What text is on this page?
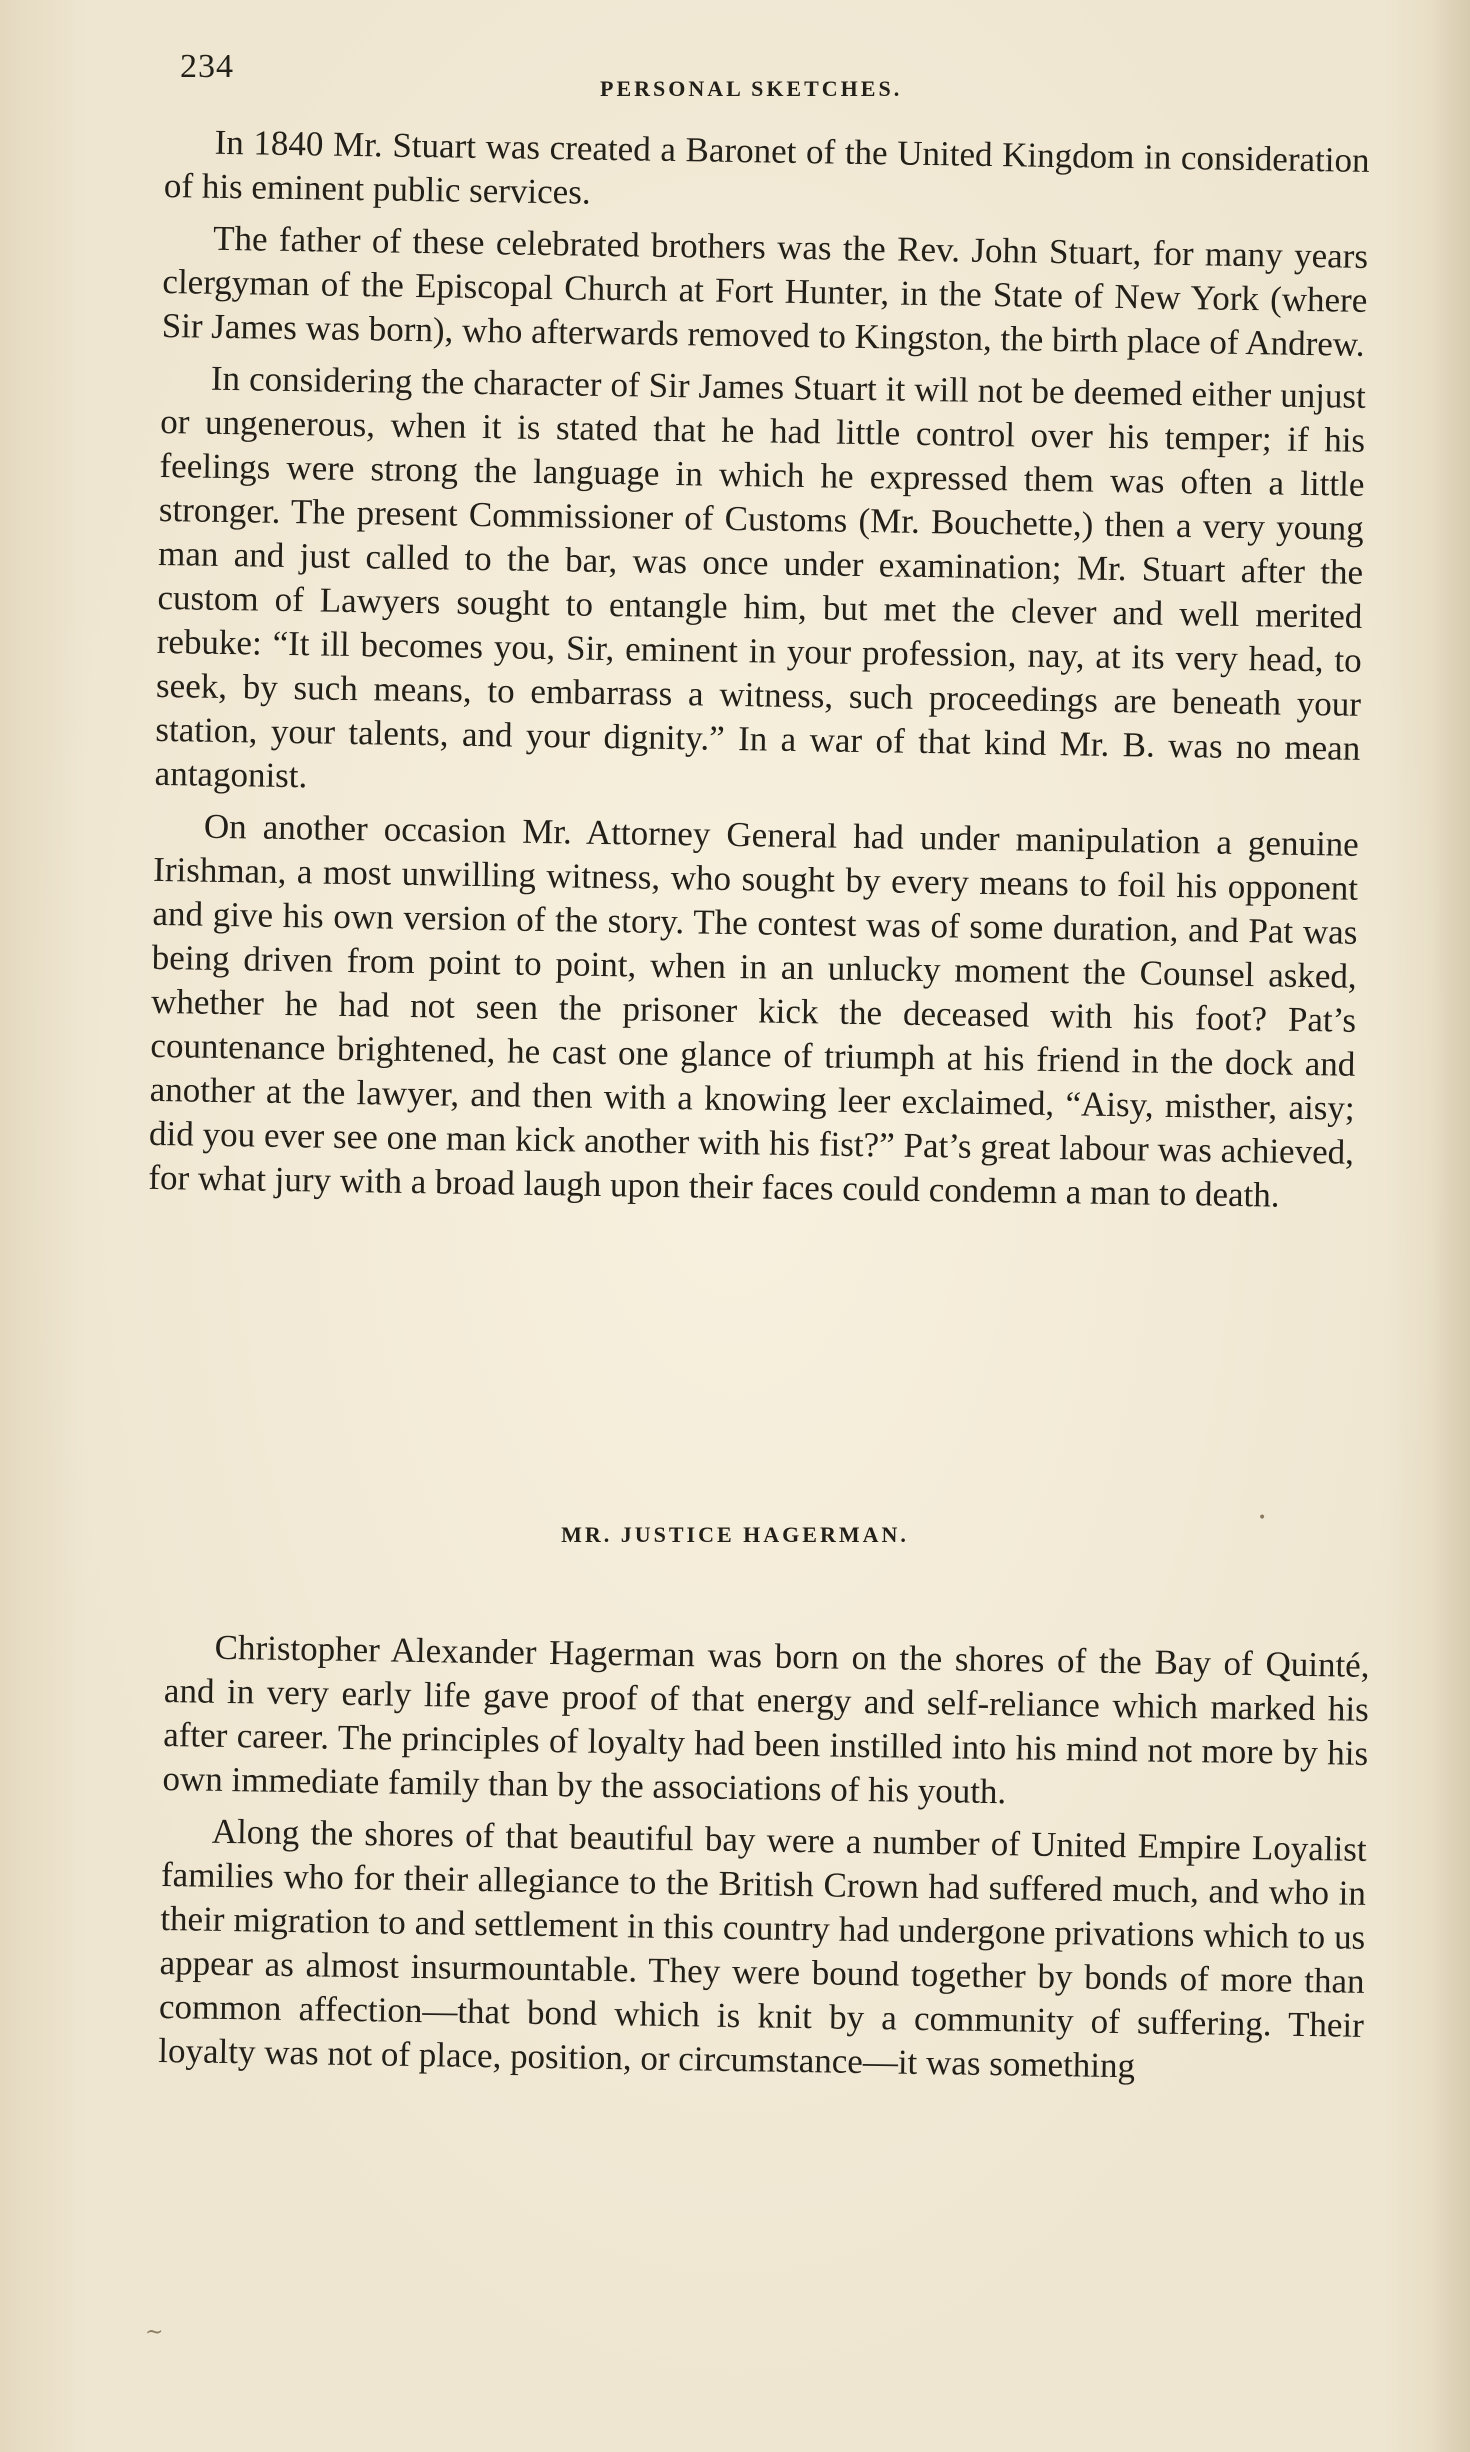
234
PERSONAL SKETCHES.

In 1840 Mr. Stuart was created a Baronet of the United Kingdom in consideration of his eminent public services.

The father of these celebrated brothers was the Rev. John Stuart, for many years clergyman of the Episcopal Church at Fort Hunter, in the State of New York (where Sir James was born), who afterwards removed to Kingston, the birth place of Andrew.

In considering the character of Sir James Stuart it will not be deemed either unjust or ungenerous, when it is stated that he had little control over his temper; if his feelings were strong the language in which he expressed them was often a little stronger. The present Commissioner of Customs (Mr. Bouchette,) then a very young man and just called to the bar, was once under examination; Mr. Stuart after the custom of Lawyers sought to entangle him, but met the clever and well merited rebuke: “It ill becomes you, Sir, eminent in your profession, nay, at its very head, to seek, by such means, to embarrass a witness, such proceedings are beneath your station, your talents, and your dignity.” In a war of that kind Mr. B. was no mean antagonist.

On another occasion Mr. Attorney General had under manipulation a genuine Irishman, a most unwilling witness, who sought by every means to foil his opponent and give his own version of the story. The contest was of some duration, and Pat was being driven from point to point, when in an unlucky moment the Counsel asked, whether he had not seen the prisoner kick the deceased with his foot? Pat’s countenance brightened, he cast one glance of triumph at his friend in the dock and another at the lawyer, and then with a knowing leer exclaimed, “Aisy, misther, aisy; did you ever see one man kick another with his fist?” Pat’s great labour was achieved, for what jury with a broad laugh upon their faces could condemn a man to death.

MR. JUSTICE HAGERMAN.

Christopher Alexander Hagerman was born on the shores of the Bay of Quinté, and in very early life gave proof of that energy and self-reliance which marked his after career. The principles of loyalty had been instilled into his mind not more by his own immediate family than by the associations of his youth.

Along the shores of that beautiful bay were a number of United Empire Loyalist families who for their allegiance to the British Crown had suffered much, and who in their migration to and settlement in this country had undergone privations which to us appear as almost insurmountable. They were bound together by bonds of more than common affection—that bond which is knit by a community of suffering. Their loyalty was not of place, position, or circumstance—it was something

~
•
